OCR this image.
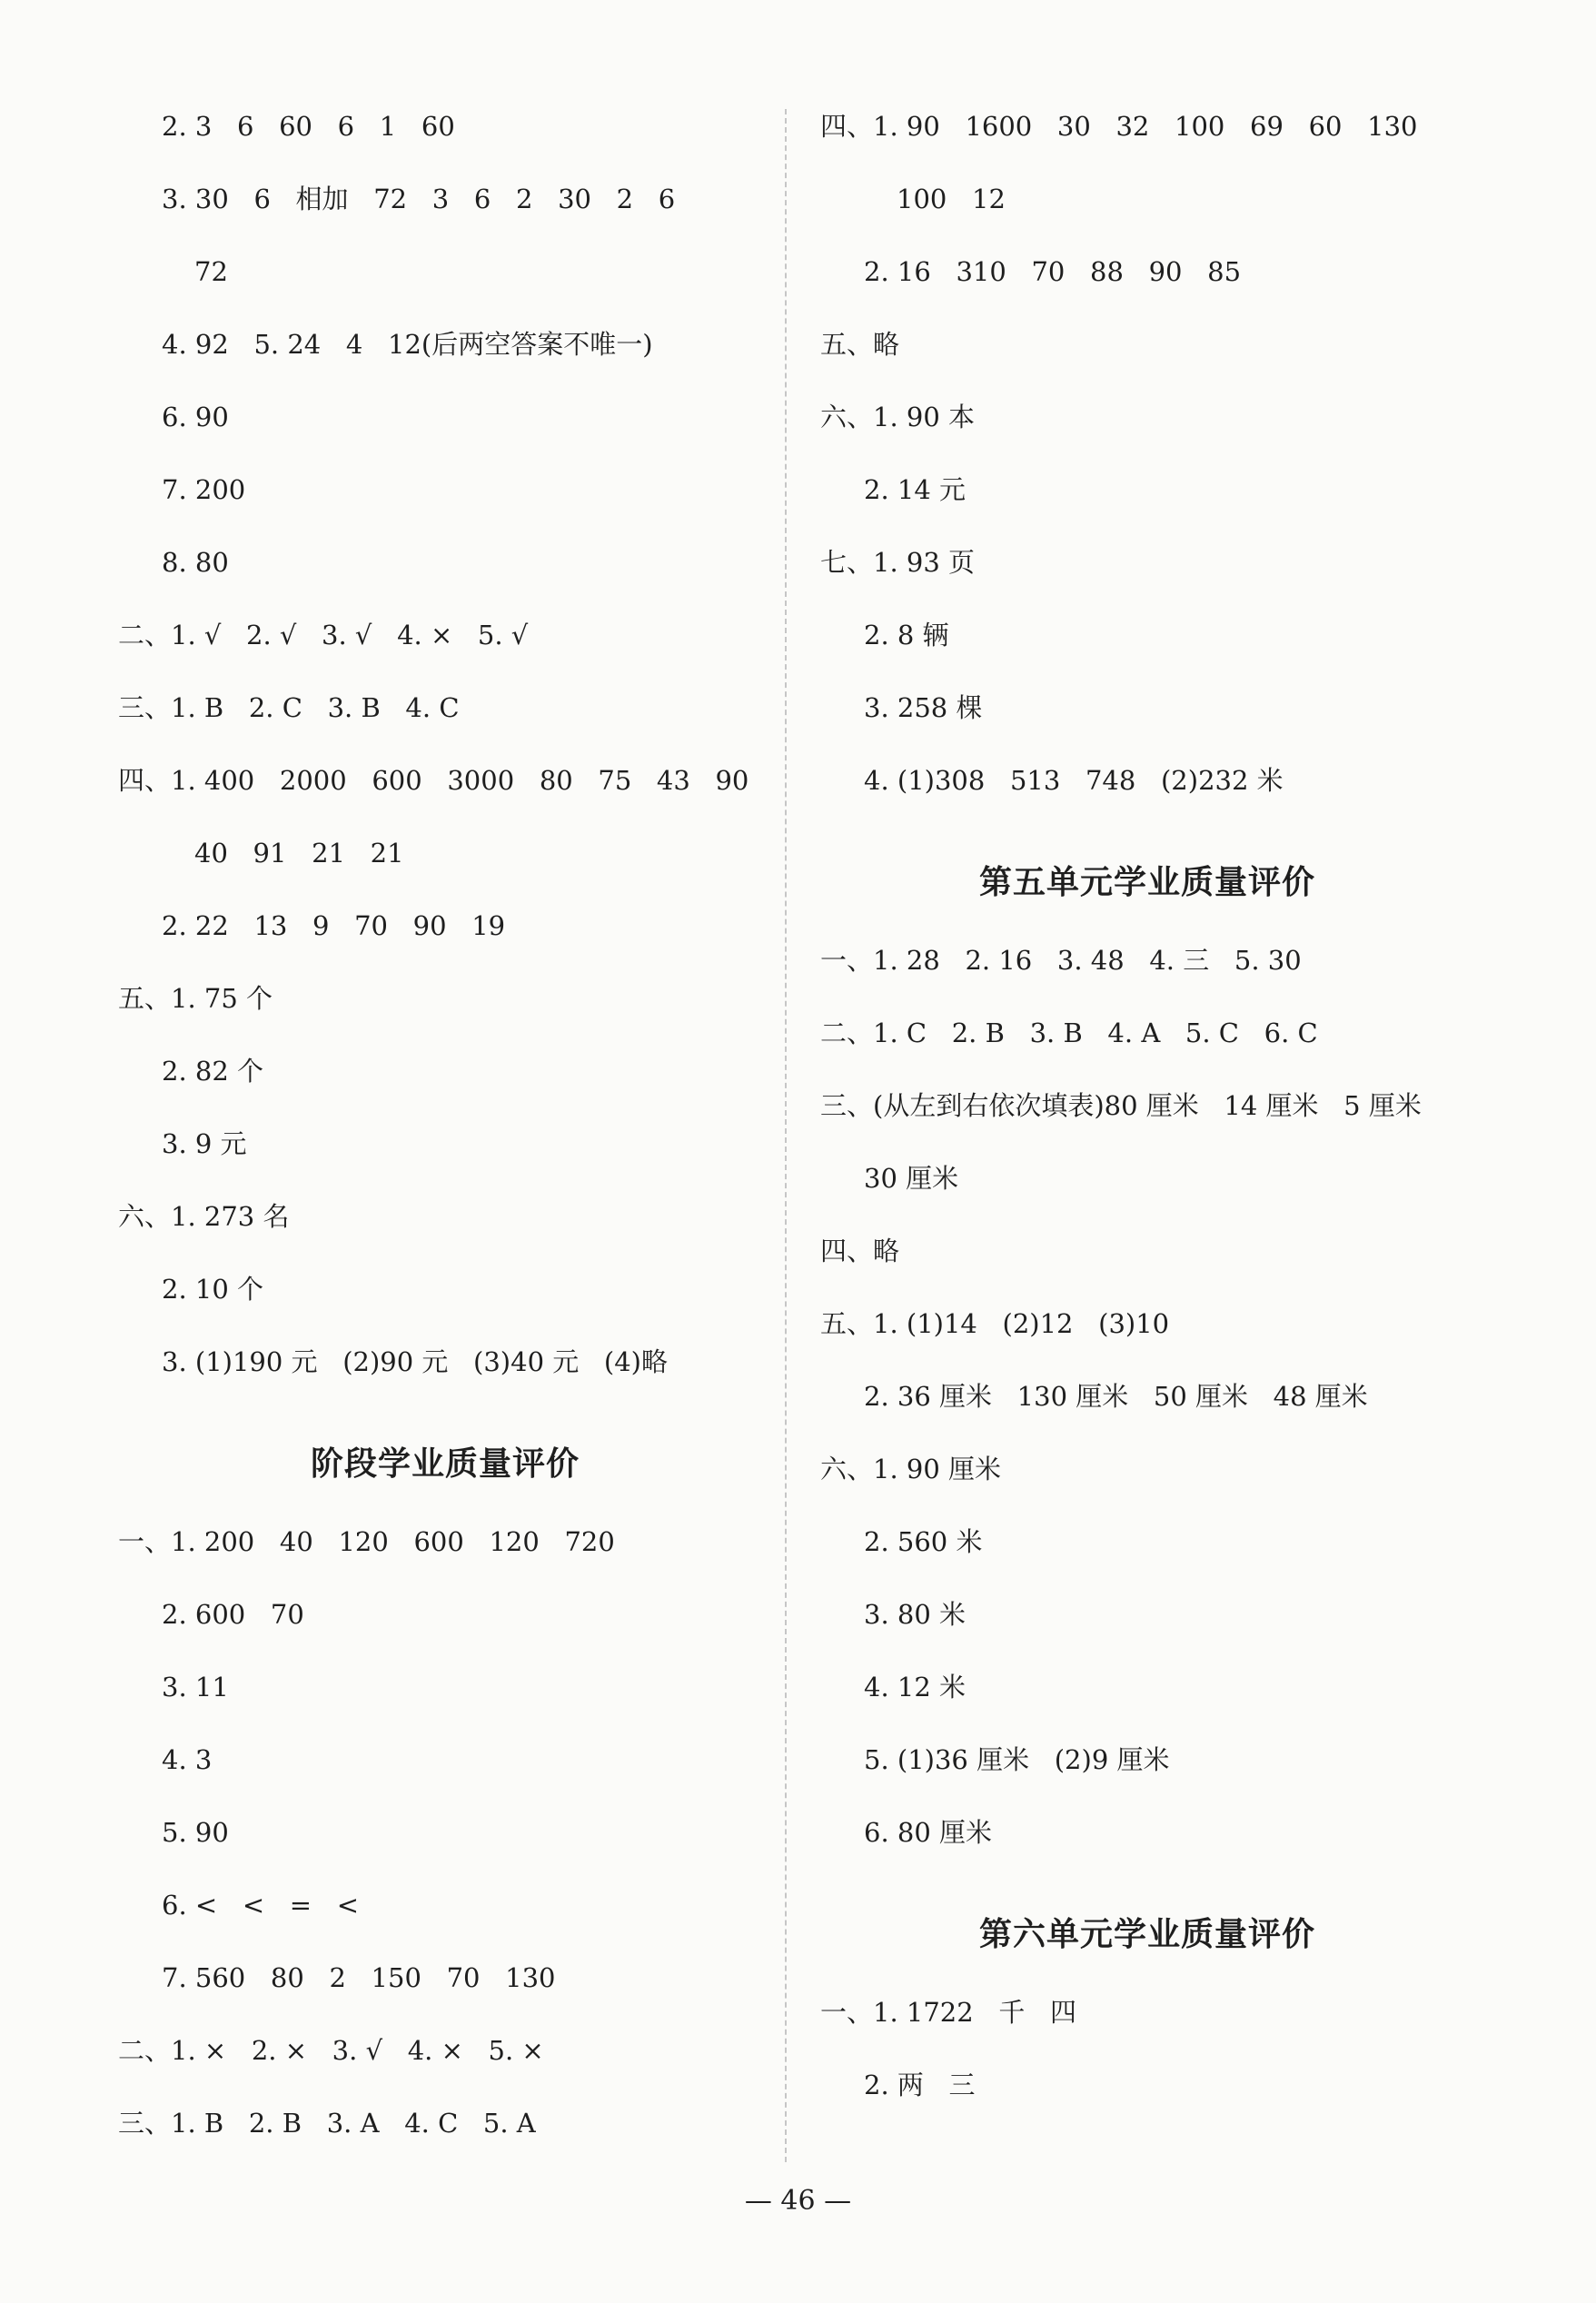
2. 3   6   60   6   1   60
3. 30   6   相加   72   3   6   2   30   2   6
72
4. 92   5. 24   4   12(后两空答案不唯一)
6. 90
7. 200
8. 80
二、1. √   2. √   3. √   4. ×   5. √
三、1. B   2. C   3. B   4. C
四、1. 400   2000   600   3000   80   75   43   90
40   91   21   21
2. 22   13   9   70   90   19
五、1. 75 个
2. 82 个
3. 9 元
六、1. 273 名
2. 10 个
3. (1)190 元   (2)90 元   (3)40 元   (4)略
阶段学业质量评价
一、1. 200   40   120   600   120   720
2. 600   70
3. 11
4. 3
5. 90
6. <   <   =   <
7. 560   80   2   150   70   130
二、1. ×   2. ×   3. √   4. ×   5. ×
三、1. B   2. B   3. A   4. C   5. A
四、1. 90   1600   30   32   100   69   60   130
100   12
2. 16   310   70   88   90   85
五、略
六、1. 90 本
2. 14 元
七、1. 93 页
2. 8 辆
3. 258 棵
4. (1)308   513   748   (2)232 米
第五单元学业质量评价
一、1. 28   2. 16   3. 48   4. 三   5. 30
二、1. C   2. B   3. B   4. A   5. C   6. C
三、(从左到右依次填表)80 厘米   14 厘米   5 厘米
30 厘米
四、略
五、1. (1)14   (2)12   (3)10
2. 36 厘米   130 厘米   50 厘米   48 厘米
六、1. 90 厘米
2. 560 米
3. 80 米
4. 12 米
5. (1)36 厘米   (2)9 厘米
6. 80 厘米
第六单元学业质量评价
一、1. 1722   千   四
2. 两   三
— 46 —
